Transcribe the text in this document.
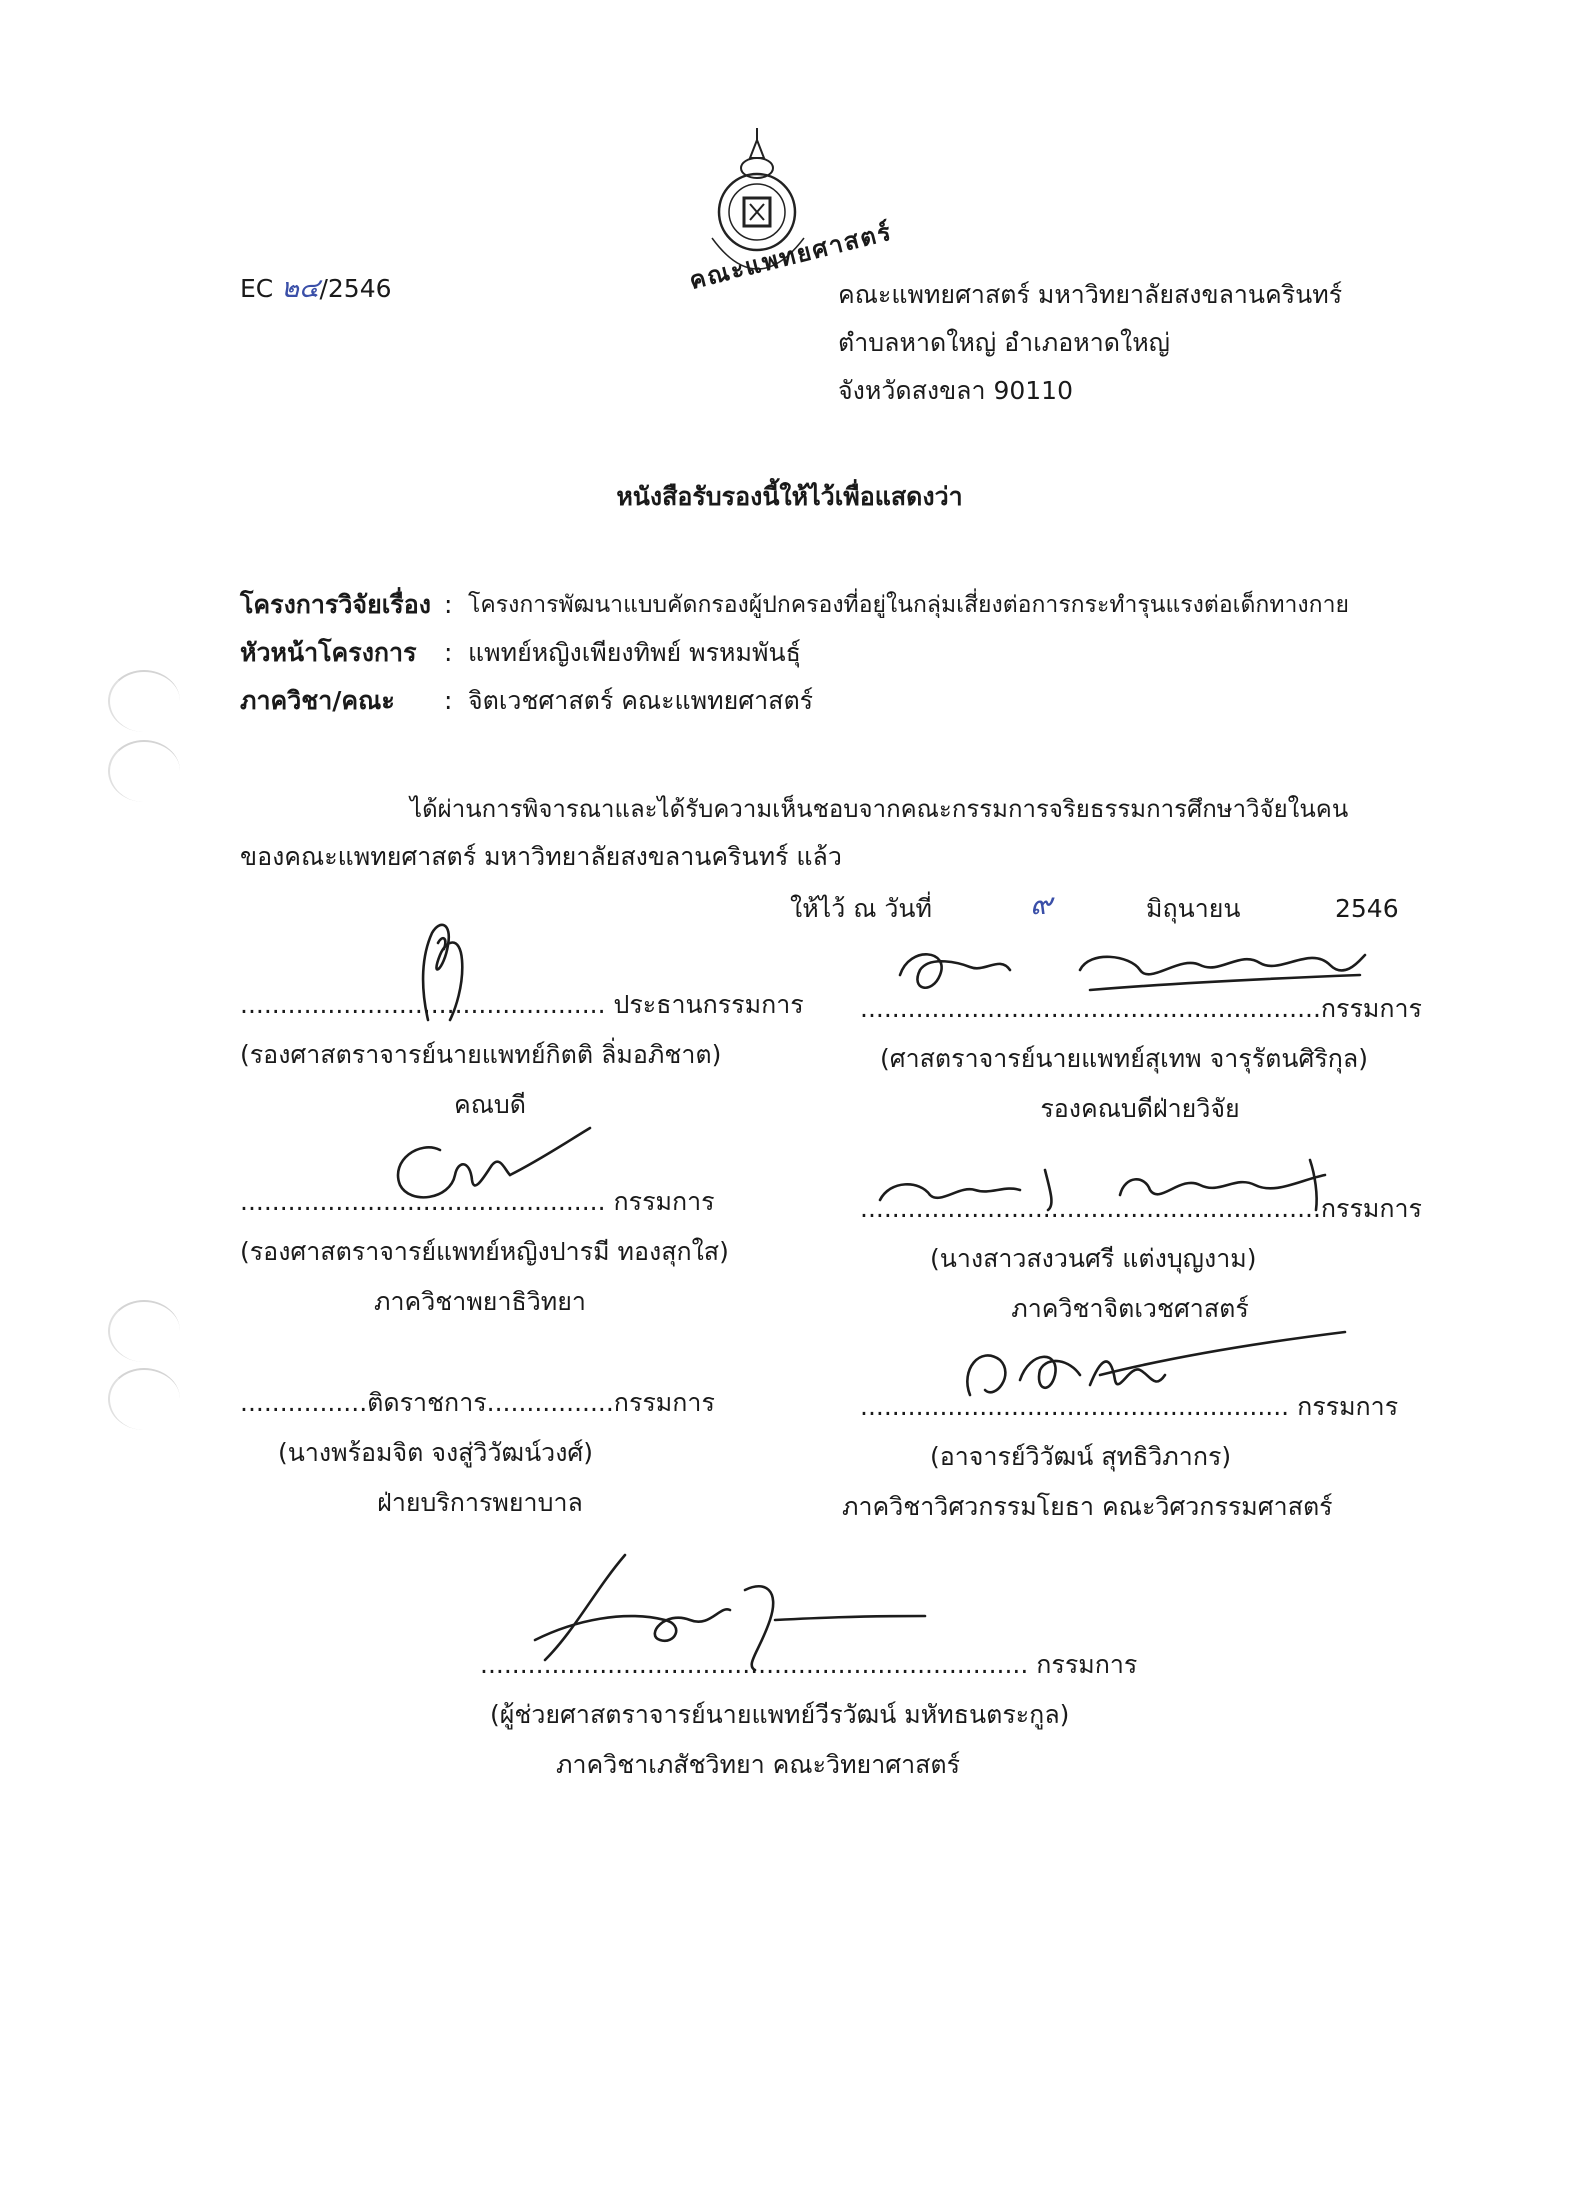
คณะแพทยศาสตร์
EC ๒๔/2546	คณะแพทยศาสตร์ มหาวิทยาลัยสงขลานครินทร์
ตำบลหาดใหญ่ อำเภอหาดใหญ่
จังหวัดสงขลา 90110
หนังสือรับรองนี้ให้ไว้เพื่อแสดงว่า
โครงการวิจัยเรื่อง : โครงการพัฒนาแบบคัดกรองผู้ปกครองที่อยู่ในกลุ่มเสี่ยงต่อการกระทำรุนแรงต่อเด็กทางกาย
หัวหน้าโครงการ : แพทย์หญิงเพียงทิพย์ พรหมพันธุ์
ภาควิชา/คณะ : จิตเวชศาสตร์ คณะแพทยศาสตร์
ได้ผ่านการพิจารณาและได้รับความเห็นชอบจากคณะกรรมการจริยธรรมการศึกษาวิจัยในคน
ของคณะแพทยศาสตร์ มหาวิทยาลัยสงขลานครินทร์ แล้ว
ให้ไว้ ณ วันที่	๙	มิถุนายน	2546
.............................................. ประธานกรรมการ
(รองศาสตราจารย์นายแพทย์กิตติ ลิ่มอภิชาต)
คณบดี
..........................................................กรรมการ
(ศาสตราจารย์นายแพทย์สุเทพ จารุรัตนศิริกุล)
รองคณบดีฝ่ายวิจัย
.............................................. กรรมการ
(รองศาสตราจารย์แพทย์หญิงปารมี ทองสุกใส)
ภาควิชาพยาธิวิทยา
..........................................................กรรมการ
(นางสาวสงวนศรี แต่งบุญงาม)
ภาควิชาจิตเวชศาสตร์
................ติดราชการ................กรรมการ
(นางพร้อมจิต จงสู่วิวัฒน์วงศ์)
ฝ่ายบริการพยาบาล
...................................................... กรรมการ
(อาจารย์วิวัฒน์ สุทธิวิภากร)
ภาควิชาวิศวกรรมโยธา คณะวิศวกรรมศาสตร์
..................................................................... กรรมการ
(ผู้ช่วยศาสตราจารย์นายแพทย์วีรวัฒน์ มหัทธนตระกูล)
ภาควิชาเภสัชวิทยา คณะวิทยาศาสตร์
